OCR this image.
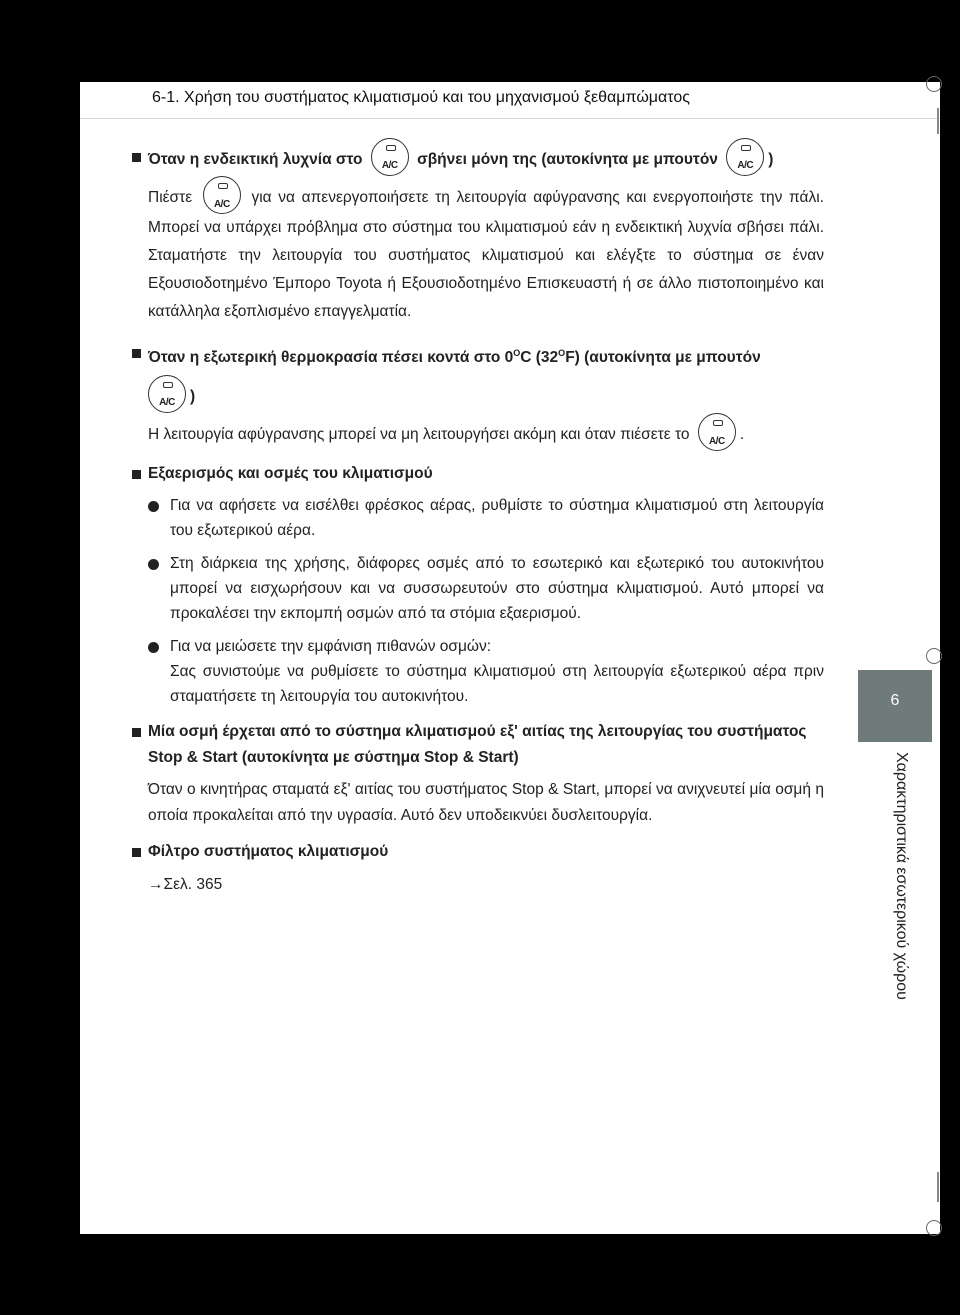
6-1. Χρήση του συστήματος κλιματισμού και του μηχανισμού ξεθαμπώματος
6
Χαρακτηριστικά εσωτερικού χώρου
Όταν η ενδεικτική λυχνία στο	A/C	σβήνει μόνη της (αυτοκίνητα με μπουτόν	A/C )
Πιέστε	A/C	για να απενεργοποιήσετε τη λειτουργία αφύγρανσης και ενεργοποιήστε την πάλι. Μπορεί να υπάρχει πρόβλημα στο σύστημα του κλιματισμού εάν η ενδεικτική λυχνία σβήσει πάλι. Σταματήστε την λειτουργία του συστήματος κλιματισμού και ελέγξτε το σύστημα σε έναν Εξουσιοδοτημένο Έμπορο Toyota ή Εξουσιοδοτημένο Επισκευαστή ή σε άλλο πιστοποιημένο και κατάλληλα εξοπλισμένο επαγγελματία.
Όταν η εξωτερική θερμοκρασία πέσει κοντά στο $0^OC$ $(32^OF)$ (αυτοκίνητα με μπουτόν
A/C )
Η λειτουργία αφύγρανσης μπορεί να μη λειτουργήσει ακόμη και όταν πιέσετε το	A/C .
Εξαερισμός και οσμές του κλιματισμού
Για να αφήσετε να εισέλθει φρέσκος αέρας, ρυθμίστε το σύστημα κλιματισμού στη λειτουργία του εξωτερικού αέρα.
Στη διάρκεια της χρήσης, διάφορες οσμές από το εσωτερικό και εξωτερικό του αυτοκινήτου μπορεί να εισχωρήσουν και να συσσωρευτούν στο σύστημα κλιματισμού. Αυτό μπορεί να προκαλέσει την εκπομπή οσμών από τα στόμια εξαερισμού.
Για να μειώσετε την εμφάνιση πιθανών οσμών:
Σας συνιστούμε να ρυθμίσετε το σύστημα κλιματισμού στη λειτουργία εξωτερικού αέρα πριν σταματήσετε τη λειτουργία του αυτοκινήτου.
Μία οσμή έρχεται από το σύστημα κλιματισμού εξ' αιτίας της λειτουργίας του συστήματος Stop & Start (αυτοκίνητα με σύστημα Stop & Start)
Όταν ο κινητήρας σταματά εξ' αιτίας του συστήματος Stop & Start, μπορεί να ανιχνευτεί μία οσμή η οποία προκαλείται από την υγρασία. Αυτό δεν υποδεικνύει δυσλειτουργία.
Φίλτρο συστήματος κλιματισμού
→Σελ. 365
